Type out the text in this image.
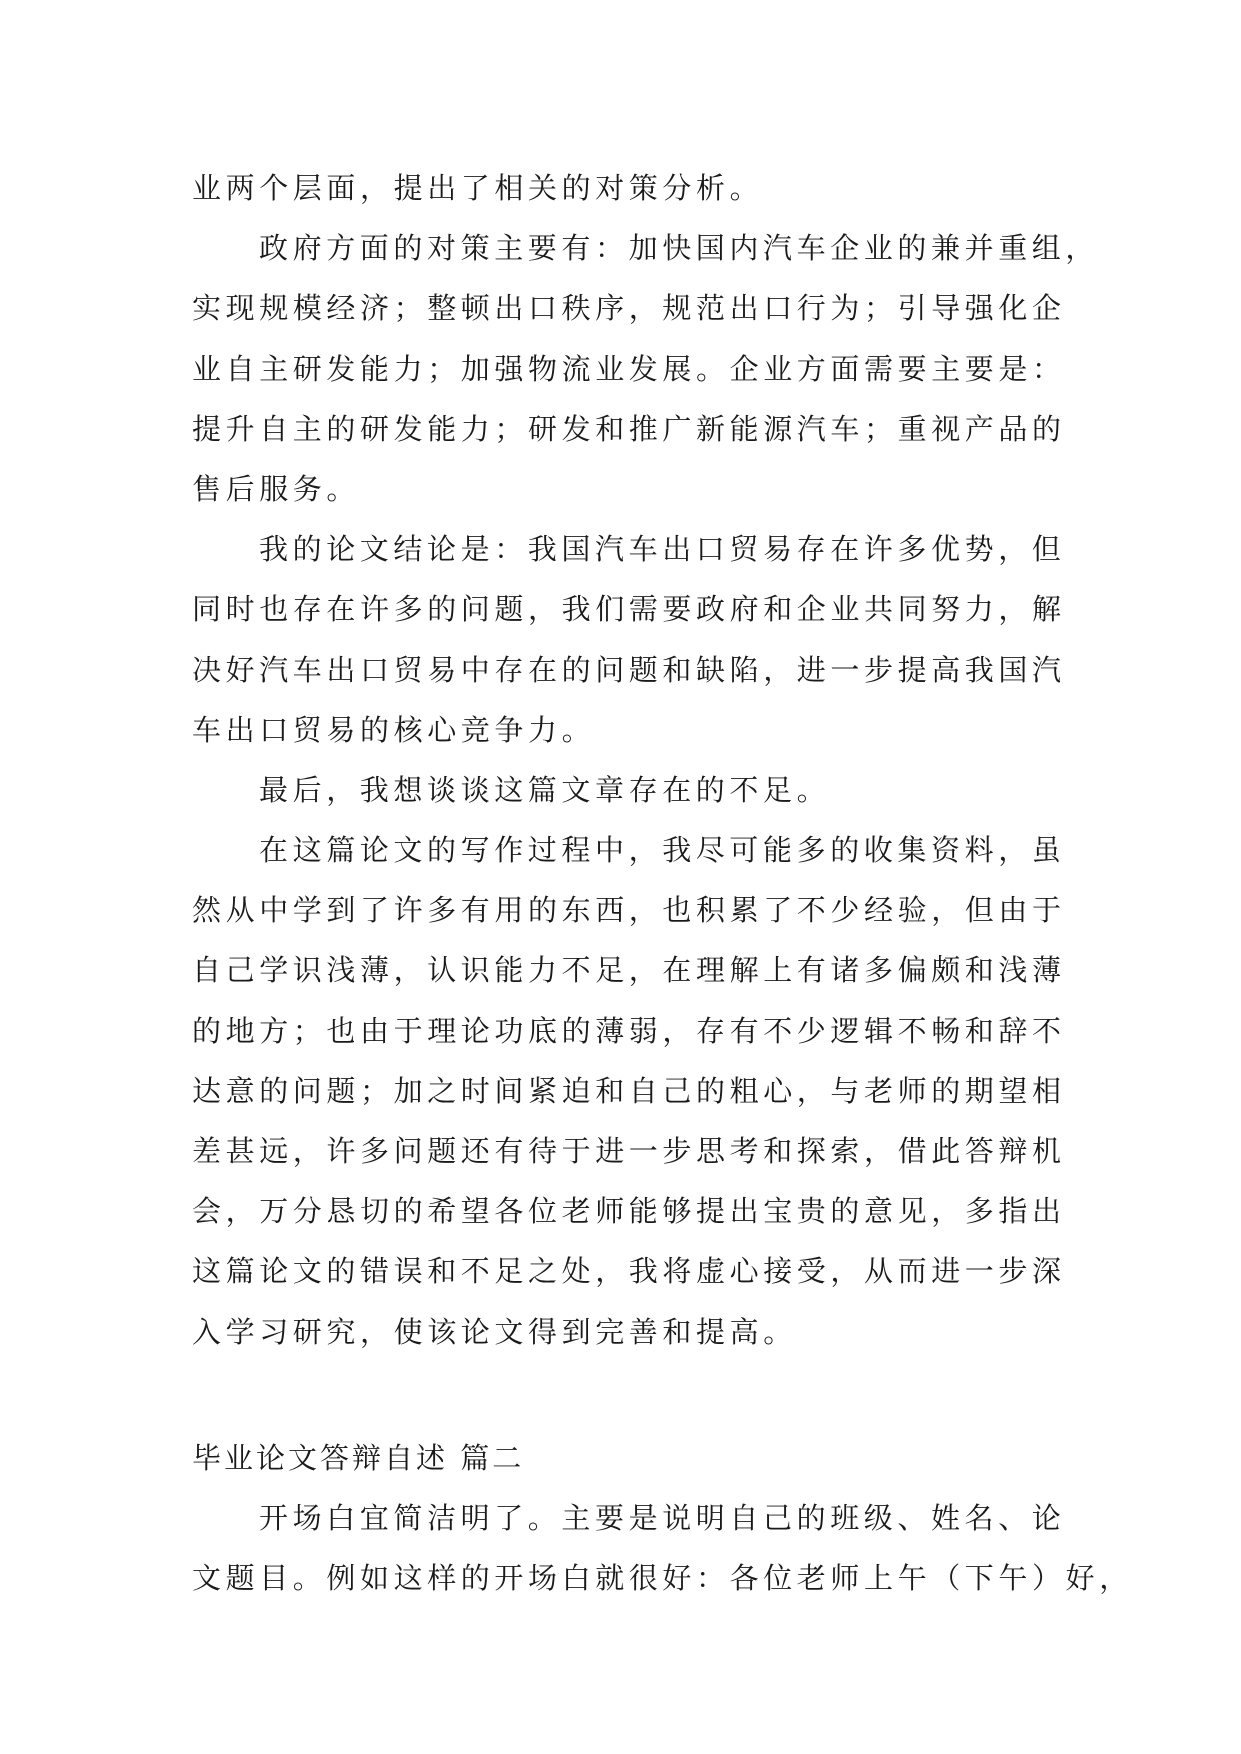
业两个层面，提出了相关的对策分析。
政府方面的对策主要有：加快国内汽车企业的兼并重组，
实现规模经济；整顿出口秩序，规范出口行为；引导强化企
业自主研发能力；加强物流业发展。企业方面需要主要是：
提升自主的研发能力；研发和推广新能源汽车；重视产品的
售后服务。
我的论文结论是：我国汽车出口贸易存在许多优势，但
同时也存在许多的问题，我们需要政府和企业共同努力，解
决好汽车出口贸易中存在的问题和缺陷，进一步提高我国汽
车出口贸易的核心竞争力。
最后，我想谈谈这篇文章存在的不足。
在这篇论文的写作过程中，我尽可能多的收集资料，虽
然从中学到了许多有用的东西，也积累了不少经验，但由于
自己学识浅薄，认识能力不足，在理解上有诸多偏颇和浅薄
的地方；也由于理论功底的薄弱，存有不少逻辑不畅和辞不
达意的问题；加之时间紧迫和自己的粗心，与老师的期望相
差甚远，许多问题还有待于进一步思考和探索，借此答辩机
会，万分恳切的希望各位老师能够提出宝贵的意见，多指出
这篇论文的错误和不足之处，我将虚心接受，从而进一步深
入学习研究，使该论文得到完善和提高。
毕业论文答辩自述 篇二
开场白宜简洁明了。主要是说明自己的班级、姓名、论
文题目。例如这样的开场白就很好：各位老师上午（下午）好，
